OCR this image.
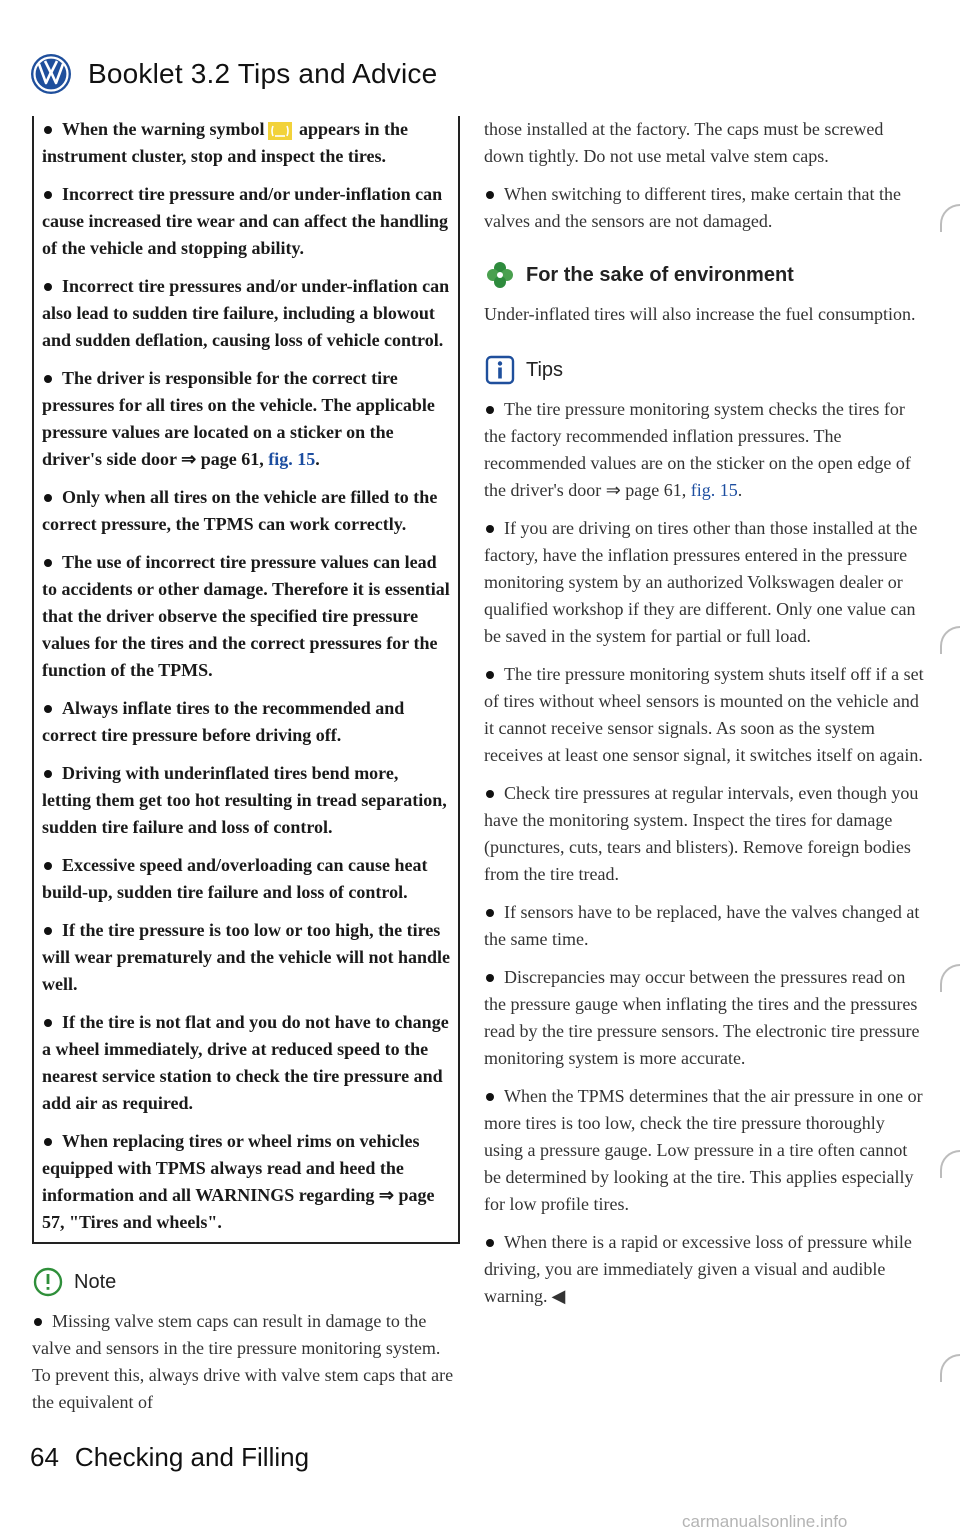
Booklet 3.2 Tips and Advice

When the warning symbol appears in the instrument cluster, stop and inspect the tires.

Incorrect tire pressure and/or under-inflation can cause increased tire wear and can affect the handling of the vehicle and stopping ability.

Incorrect tire pressures and/or under-inflation can also lead to sudden tire failure, including a blowout and sudden deflation, causing loss of vehicle control.

The driver is responsible for the correct tire pressures for all tires on the vehicle. The applicable pressure values are located on a sticker on the driver's side door ⇒ page 61, fig. 15.

Only when all tires on the vehicle are filled to the correct pressure, the TPMS can work correctly.

The use of incorrect tire pressure values can lead to accidents or other damage. Therefore it is essential that the driver observe the specified tire pressure values for the tires and the correct pressures for the function of the TPMS.

Always inflate tires to the recommended and correct tire pressure before driving off.

Driving with underinflated tires bend more, letting them get too hot resulting in tread separation, sudden tire failure and loss of control.

Excessive speed and/overloading can cause heat build-up, sudden tire failure and loss of control.

If the tire pressure is too low or too high, the tires will wear prematurely and the vehicle will not handle well.

If the tire is not flat and you do not have to change a wheel immediately, drive at reduced speed to the nearest service station to check the tire pressure and add air as required.

When replacing tires or wheel rims on vehicles equipped with TPMS always read and heed the information and all WARNINGS regarding ⇒ page 57, "Tires and wheels".

Note

Missing valve stem caps can result in damage to the valve and sensors in the tire pressure monitoring system. To prevent this, always drive with valve stem caps that are the equivalent of

those installed at the factory. The caps must be screwed down tightly. Do not use metal valve stem caps.

When switching to different tires, make certain that the valves and the sensors are not damaged.

For the sake of environment

Under-inflated tires will also increase the fuel consumption.

Tips

The tire pressure monitoring system checks the tires for the factory recommended inflation pressures. The recommended values are on the sticker on the open edge of the driver's door ⇒ page 61, fig. 15.

If you are driving on tires other than those installed at the factory, have the inflation pressures entered in the pressure monitoring system by an authorized Volkswagen dealer or qualified workshop if they are different. Only one value can be saved in the system for partial or full load.

The tire pressure monitoring system shuts itself off if a set of tires without wheel sensors is mounted on the vehicle and it cannot receive sensor signals. As soon as the system receives at least one sensor signal, it switches itself on again.

Check tire pressures at regular intervals, even though you have the monitoring system. Inspect the tires for damage (punctures, cuts, tears and blisters). Remove foreign bodies from the tire tread.

If sensors have to be replaced, have the valves changed at the same time.

Discrepancies may occur between the pressures read on the pressure gauge when inflating the tires and the pressures read by the tire pressure sensors. The electronic tire pressure monitoring system is more accurate.

When the TPMS determines that the air pressure in one or more tires is too low, check the tire pressure thoroughly using a pressure gauge. Low pressure in a tire often cannot be determined by looking at the tire. This applies especially for low profile tires.

When there is a rapid or excessive loss of pressure while driving, you are immediately given a visual and audible warning. ◀

64 Checking and Filling
carmanualsonline.info
